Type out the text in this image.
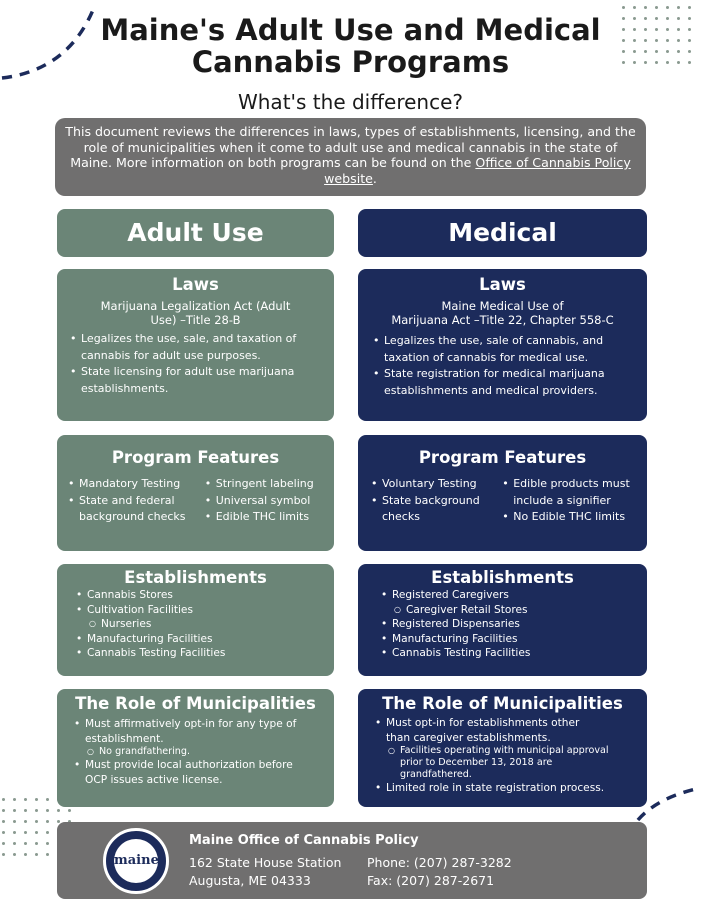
Maine's Adult Use and Medical
Cannabis Programs
What's the difference?
This document reviews the differences in laws, types of establishments, licensing, and the role of municipalities when it come to adult use and medical cannabis in the state of Maine. More information on both programs can be found on the Office of Cannabis Policy website.
Adult Use	Medical
Laws
Marijuana Legalization Act (Adult Use) –Title 28-B
• Legalizes the use, sale, and taxation of cannabis for adult use purposes.
• State licensing for adult use marijuana establishments.
Laws
Maine Medical Use of
Marijuana Act –Title 22, Chapter 558-C
• Legalizes the use, sale of cannabis, and taxation of cannabis for medical use.
• State registration for medical marijuana establishments and medical providers.
Program Features
• Mandatory Testing
• State and federal background checks
• Stringent labeling
• Universal symbol
• Edible THC limits
Program Features
• Voluntary Testing
• State background checks
• Edible products must include a signifier
• No Edible THC limits
Establishments
• Cannabis Stores
• Cultivation Facilities
○ Nurseries
• Manufacturing Facilities
• Cannabis Testing Facilities
Establishments
• Registered Caregivers
○ Caregiver Retail Stores
• Registered Dispensaries
• Manufacturing Facilities
• Cannabis Testing Facilities
The Role of Municipalities
• Must affirmatively opt-in for any type of establishment.
○ No grandfathering.
• Must provide local authorization before OCP issues active license.
The Role of Municipalities
• Must opt-in for establishments other than caregiver establishments.
○ Facilities operating with municipal approval prior to December 13, 2018 are grandfathered.
• Limited role in state registration process.
maine
Maine Office of Cannabis Policy
162 State House Station
Augusta, ME 04333
Phone: (207) 287-3282
Fax: (207) 287-2671
